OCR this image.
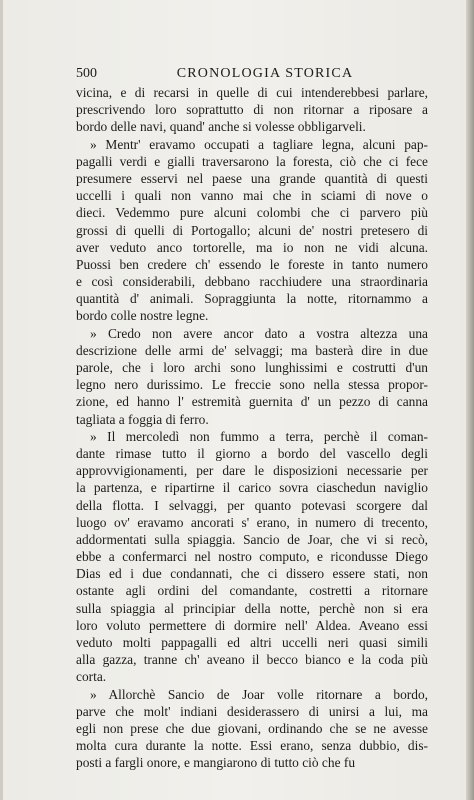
500	CRONOLOGIA STORICA
vicina, e di recarsi in quelle di cui intenderebbesi parlare,
prescrivendo loro soprattutto di non ritornar a riposare a
bordo delle navi, quand' anche si volesse obbligarveli.
» Mentr' eravamo occupati a tagliare legna, alcuni pap-
pagalli verdi e gialli traversarono la foresta, ciò che ci fece
presumere esservi nel paese una grande quantità di questi
uccelli i quali non vanno mai che in sciami di nove o
dieci. Vedemmo pure alcuni colombi che ci parvero più
grossi di quelli di Portogallo; alcuni de' nostri pretesero di
aver veduto anco tortorelle, ma io non ne vidi alcuna.
Puossi ben credere ch' essendo le foreste in tanto numero
e così considerabili, debbano racchiudere una straordinaria
quantità d' animali. Sopraggiunta la notte, ritornammo a
bordo colle nostre legne.
» Credo non avere ancor dato a vostra altezza una
descrizione delle armi de' selvaggi; ma basterà dire in due
parole, che i loro archi sono lunghissimi e costrutti d'un
legno nero durissimo. Le freccie sono nella stessa propor-
zione, ed hanno l' estremità guernita d' un pezzo di canna
tagliata a foggia di ferro.
» Il mercoledì non fummo a terra, perchè il coman-
dante rimase tutto il giorno a bordo del vascello degli
approvvigionamenti, per dare le disposizioni necessarie per
la partenza, e ripartirne il carico sovra ciaschedun naviglio
della flotta. I selvaggi, per quanto potevasi scorgere dal
luogo ov' eravamo ancorati s' erano, in numero di trecento,
addormentati sulla spiaggia. Sancio de Joar, che vi si recò,
ebbe a confermarci nel nostro computo, e ricondusse Diego
Dias ed i due condannati, che ci dissero essere stati, non
ostante agli ordini del comandante, costretti a ritornare
sulla spiaggia al principiar della notte, perchè non si era
loro voluto permettere di dormire nell' Aldea. Aveano essi
veduto molti pappagalli ed altri uccelli neri quasi simili
alla gazza, tranne ch' aveano il becco bianco e la coda più
corta.
» Allorchè Sancio de Joar volle ritornare a bordo,
parve che molt' indiani desiderassero di unirsi a lui, ma
egli non prese che due giovani, ordinando che se ne avesse
molta cura durante la notte. Essi erano, senza dubbio, dis-
posti a fargli onore, e mangiarono di tutto ciò che fu
